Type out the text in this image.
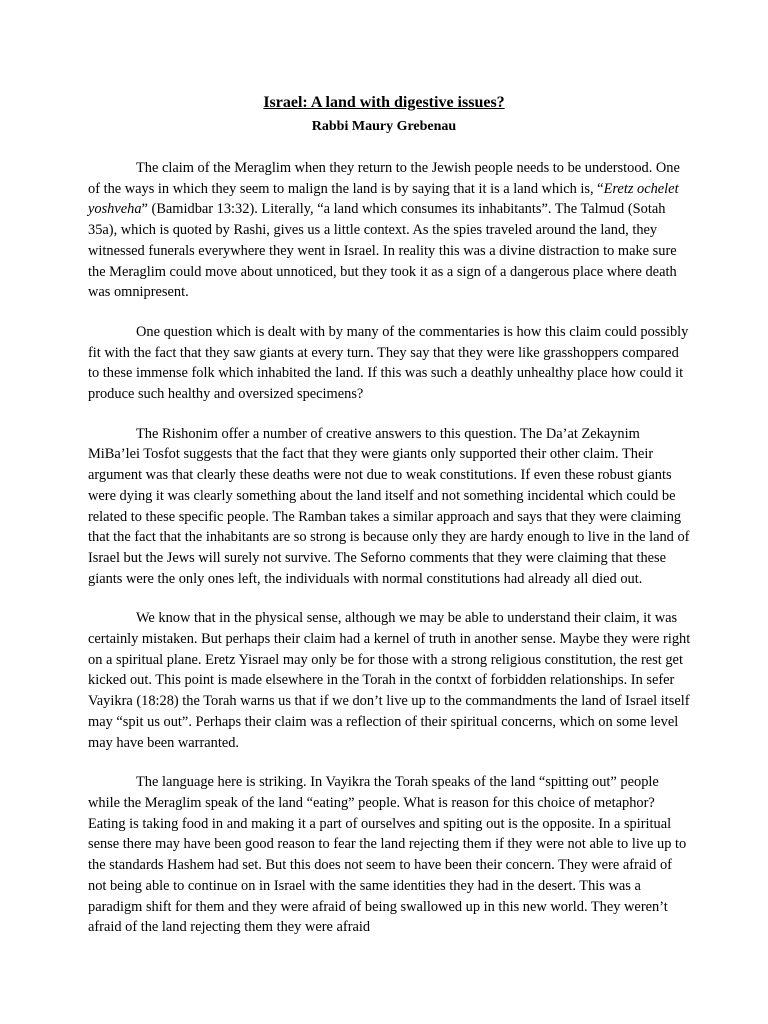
Israel: A land with digestive issues?
Rabbi Maury Grebenau

The claim of the Meraglim when they return to the Jewish people needs to be understood. One of the ways in which they seem to malign the land is by saying that it is a land which is, “Eretz ochelet yoshveha” (Bamidbar 13:32). Literally, “a land which consumes its inhabitants”. The Talmud (Sotah 35a), which is quoted by Rashi, gives us a little context. As the spies traveled around the land, they witnessed funerals everywhere they went in Israel. In reality this was a divine distraction to make sure the Meraglim could move about unnoticed, but they took it as a sign of a dangerous place where death was omnipresent.

One question which is dealt with by many of the commentaries is how this claim could possibly fit with the fact that they saw giants at every turn. They say that they were like grasshoppers compared to these immense folk which inhabited the land. If this was such a deathly unhealthy place how could it produce such healthy and oversized specimens?

The Rishonim offer a number of creative answers to this question. The Da’at Zekaynim MiBa’lei Tosfot suggests that the fact that they were giants only supported their other claim. Their argument was that clearly these deaths were not due to weak constitutions. If even these robust giants were dying it was clearly something about the land itself and not something incidental which could be related to these specific people. The Ramban takes a similar approach and says that they were claiming that the fact that the inhabitants are so strong is because only they are hardy enough to live in the land of Israel but the Jews will surely not survive. The Seforno comments that they were claiming that these giants were the only ones left, the individuals with normal constitutions had already all died out.

We know that in the physical sense, although we may be able to understand their claim, it was certainly mistaken. But perhaps their claim had a kernel of truth in another sense. Maybe they were right on a spiritual plane. Eretz Yisrael may only be for those with a strong religious constitution, the rest get kicked out. This point is made elsewhere in the Torah in the contxt of forbidden relationships. In sefer Vayikra (18:28) the Torah warns us that if we don’t live up to the commandments the land of Israel itself may “spit us out”. Perhaps their claim was a reflection of their spiritual concerns, which on some level may have been warranted.

The language here is striking. In Vayikra the Torah speaks of the land “spitting out” people while the Meraglim speak of the land “eating” people. What is reason for this choice of metaphor? Eating is taking food in and making it a part of ourselves and spiting out is the opposite. In a spiritual sense there may have been good reason to fear the land rejecting them if they were not able to live up to the standards Hashem had set. But this does not seem to have been their concern. They were afraid of not being able to continue on in Israel with the same identities they had in the desert. This was a paradigm shift for them and they were afraid of being swallowed up in this new world. They weren’t afraid of the land rejecting them they were afraid
